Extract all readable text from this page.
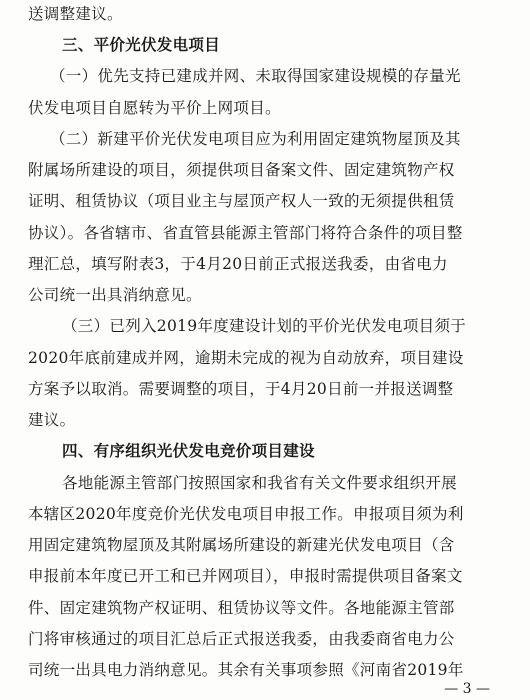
送调整建议。
三、平价光伏发电项目
（一）优先支持已建成并网、未取得国家建设规模的存量光
伏发电项目自愿转为平价上网项目。
（二）新建平价光伏发电项目应为利用固定建筑物屋顶及其
附属场所建设的项目，须提供项目备案文件、固定建筑物产权
证明、租赁协议（项目业主与屋顶产权人一致的无须提供租赁
协议）。各省辖市、省直管县能源主管部门将符合条件的项目整
理汇总，填写附表3，于4月20日前正式报送我委，由省电力
公司统一出具消纳意见。
（三）已列入2019年度建设计划的平价光伏发电项目须于
2020年底前建成并网，逾期未完成的视为自动放弃，项目建设
方案予以取消。需要调整的项目，于4月20日前一并报送调整
建议。
四、有序组织光伏发电竞价项目建设
各地能源主管部门按照国家和我省有关文件要求组织开展
本辖区2020年度竞价光伏发电项目申报工作。申报项目须为利
用固定建筑物屋顶及其附属场所建设的新建光伏发电项目（含
申报前本年度已开工和已并网项目），申报时需提供项目备案文
件、固定建筑物产权证明、租赁协议等文件。各地能源主管部
门将审核通过的项目汇总后正式报送我委，由我委商省电力公
司统一出具电力消纳意见。其余有关事项参照《河南省2019年
— 3 —
